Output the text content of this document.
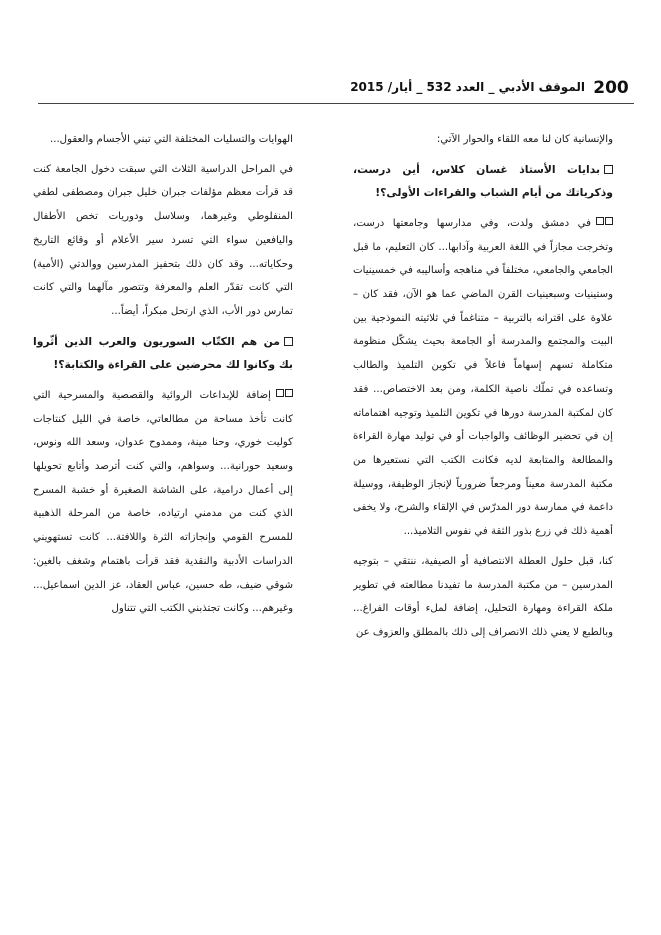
200
الموقف الأدبي _ العدد 532 _ أيار/ 2015

والإنسانية كان لنا معه اللقاء والحوار الآتي:

بدايات الأستاذ غسان كلاس، أين درست، وذكرياتك من أيام الشباب والقراءات الأولى؟!

في دمشق ولدت، وفي مدارسها وجامعتها درست، وتخرجت مجازاً في اللغة العربية وآدابها... كان التعليم، ما قبل الجامعي والجامعي، مختلفاً في مناهجه وأساليبه في خمسينيات وستينيات وسبعينيات القرن الماضي عما هو الآن، فقد كان – علاوة على اقترانه بالتربية – متناغماً في ثلاثيته النموذجية بين البيت والمجتمع والمدرسة أو الجامعة بحيث يشكّل منظومة متكاملة تسهم إسهاماً فاعلاً في تكوين التلميذ والطالب وتساعده في تملّك ناصية الكلمة، ومن بعد الاختصاص... فقد كان لمكتبة المدرسة دورها في تكوين التلميذ وتوجيه اهتماماته إن في تحضير الوظائف والواجبات أو في توليد مهارة القراءة والمطالعة والمتابعة لديه فكانت الكتب التي نستعيرها من مكتبة المدرسة معيناً ومرجعاً ضرورياً لإنجاز الوظيفة، ووسيلة داعمة في ممارسة دور المدرّس في الإلقاء والشرح، ولا يخفى أهمية ذلك في زرع بذور الثقة في نفوس التلاميذ...

كنا، قبل حلول العطلة الانتصافية أو الصيفية، ننتقي – بتوجيه المدرسين – من مكتبة المدرسة ما تفيدنا مطالعته في تطوير ملكة القراءة ومهارة التحليل، إضافة لملء أوقات الفراغ... وبالطبع لا يعني ذلك الانصراف إلى ذلك بالمطلق والعزوف عن

الهوايات والتسليات المختلفة التي تبني الأجسام والعقول...

في المراحل الدراسية الثلاث التي سبقت دخول الجامعة كنت قد قرأت معظم مؤلفات جبران خليل جبران ومصطفى لطفي المنفلوطي وغيرهما، وسلاسل ودوريات تخص الأطفال واليافعين سواء التي تسرد سير الأعلام أو وقائع التاريخ وحكاياته... وقد كان ذلك بتحفيز المدرسين ووالدتي (الأمية) التي كانت تقدّر العلم والمعرفة وتتصور مآلهما والتي كانت تمارس دور الأب، الذي ارتحل مبكراً، أيضاً...

من هم الكتّاب السوريون والعرب الذين أثّروا بك وكانوا لك محرضين على القراءة والكتابة؟!

إضافة للإبداعات الروائية والقصصية والمسرحية التي كانت تأخذ مساحة من مطالعاتي، خاصة في الليل كنتاجات كوليت خوري، وحنا مينة، وممدوح عدوان، وسعد الله ونوس، وسعيد حورانية... وسواهم، والتي كنت أترصد وأتابع تحويلها إلى أعمال درامية، على الشاشة الصغيرة أو خشبة المسرح الذي كنت من مدمني ارتياده، خاصة من المرحلة الذهبية للمسرح القومي وإنجازاته الثرة واللافتة... كانت تستهويني الدراسات الأدبية والنقدية فقد قرأت باهتمام وشغف بالغين: شوقي ضيف، طه حسين، عباس العقاد، عز الدين اسماعيل... وغيرهم... وكانت تجتذبني الكتب التي تتناول
